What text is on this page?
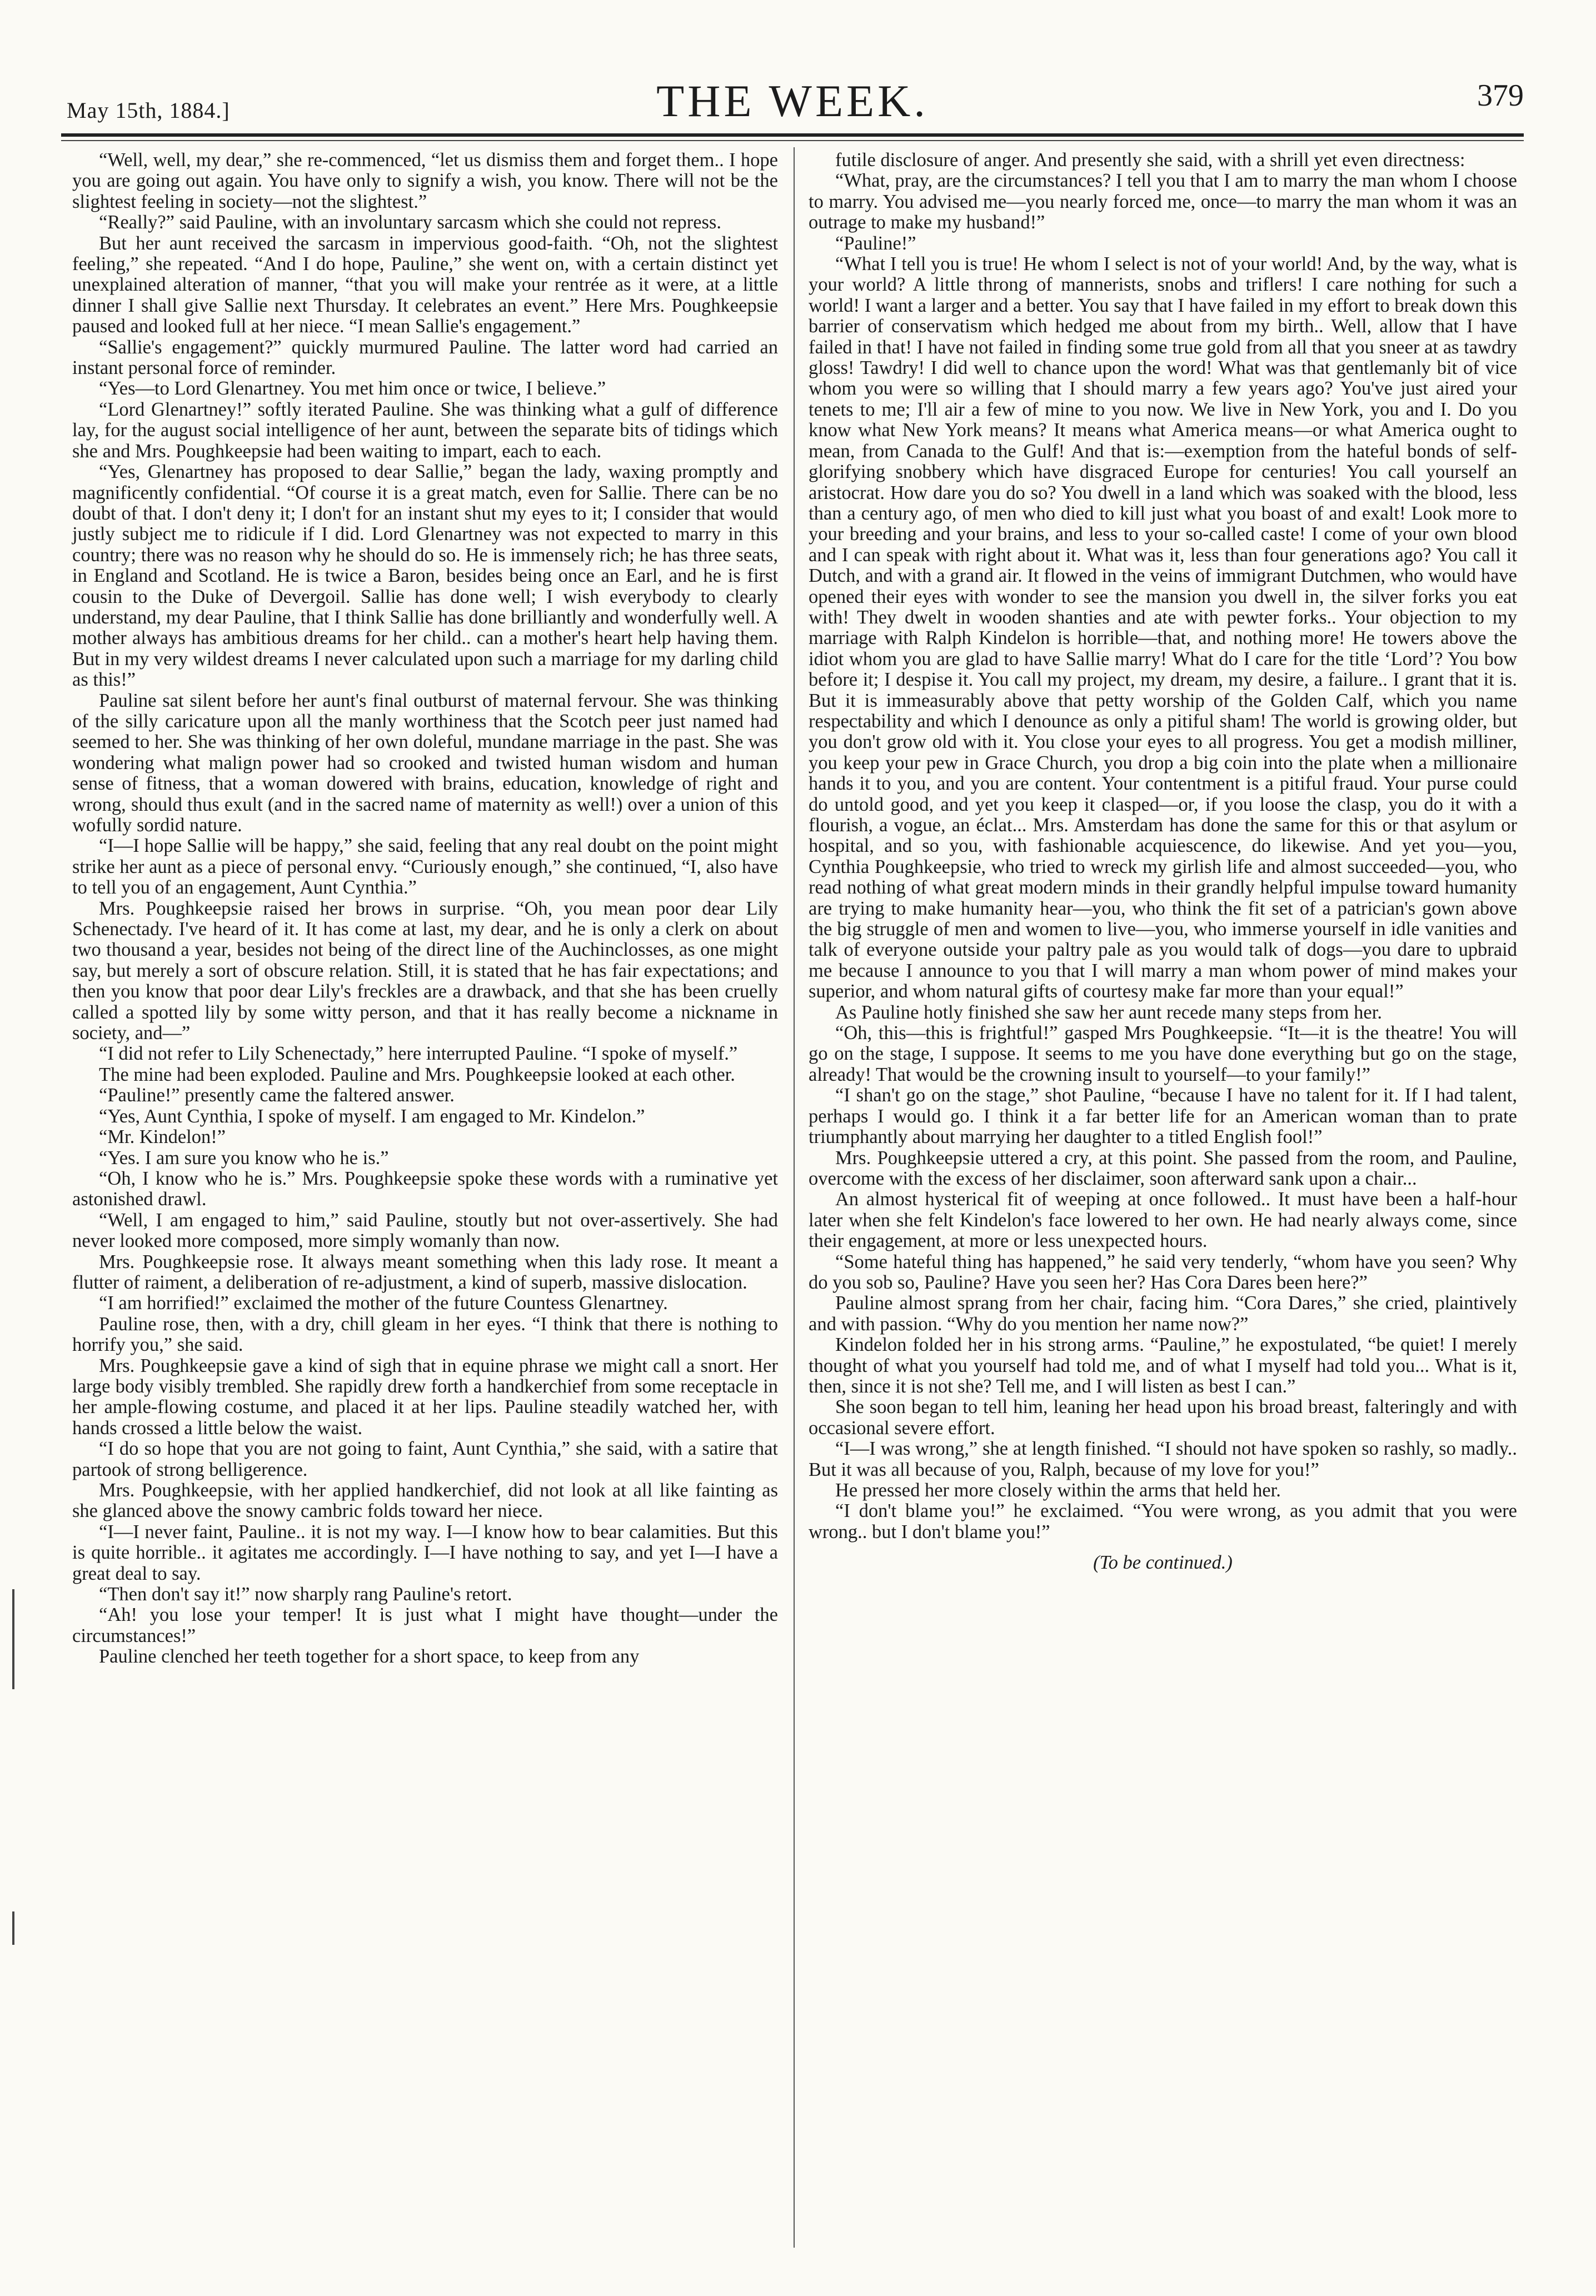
May 15th, 1884.]	THE WEEK.	379

“Well, well, my dear,” she re-commenced, “let us dismiss them and forget them.. I hope you are going out again. You have only to signify a wish, you know. There will not be the slightest feeling in society—not the slightest.”

“Really?” said Pauline, with an involuntary sarcasm which she could not repress.

But her aunt received the sarcasm in impervious good-faith. “Oh, not the slightest feeling,” she repeated. “And I do hope, Pauline,” she went on, with a certain distinct yet unexplained alteration of manner, “that you will make your rentrée as it were, at a little dinner I shall give Sallie next Thursday. It celebrates an event.” Here Mrs. Poughkeepsie paused and looked full at her niece. “I mean Sallie's engagement.”

“Sallie's engagement?” quickly murmured Pauline. The latter word had carried an instant personal force of reminder.

“Yes—to Lord Glenartney. You met him once or twice, I believe.”

“Lord Glenartney!” softly iterated Pauline. She was thinking what a gulf of difference lay, for the august social intelligence of her aunt, between the separate bits of tidings which she and Mrs. Poughkeepsie had been waiting to impart, each to each.

“Yes, Glenartney has proposed to dear Sallie,” began the lady, waxing promptly and magnificently confidential. “Of course it is a great match, even for Sallie. There can be no doubt of that. I don't deny it; I don't for an instant shut my eyes to it; I consider that would justly subject me to ridicule if I did. Lord Glenartney was not expected to marry in this country; there was no reason why he should do so. He is immensely rich; he has three seats, in England and Scotland. He is twice a Baron, besides being once an Earl, and he is first cousin to the Duke of Devergoil. Sallie has done well; I wish everybody to clearly understand, my dear Pauline, that I think Sallie has done brilliantly and wonderfully well. A mother always has ambitious dreams for her child.. can a mother's heart help having them. But in my very wildest dreams I never calculated upon such a marriage for my darling child as this!”

Pauline sat silent before her aunt's final outburst of maternal fervour. She was thinking of the silly caricature upon all the manly worthiness that the Scotch peer just named had seemed to her. She was thinking of her own doleful, mundane marriage in the past. She was wondering what malign power had so crooked and twisted human wisdom and human sense of fitness, that a woman dowered with brains, education, knowledge of right and wrong, should thus exult (and in the sacred name of maternity as well!) over a union of this wofully sordid nature.

“I—I hope Sallie will be happy,” she said, feeling that any real doubt on the point might strike her aunt as a piece of personal envy. “Curiously enough,” she continued, “I, also have to tell you of an engagement, Aunt Cynthia.”

Mrs. Poughkeepsie raised her brows in surprise. “Oh, you mean poor dear Lily Schenectady. I've heard of it. It has come at last, my dear, and he is only a clerk on about two thousand a year, besides not being of the direct line of the Auchinclosses, as one might say, but merely a sort of obscure relation. Still, it is stated that he has fair expectations; and then you know that poor dear Lily's freckles are a drawback, and that she has been cruelly called a spotted lily by some witty person, and that it has really become a nickname in society, and—”

“I did not refer to Lily Schenectady,” here interrupted Pauline. “I spoke of myself.”

The mine had been exploded. Pauline and Mrs. Poughkeepsie looked at each other.

“Pauline!” presently came the faltered answer.

“Yes, Aunt Cynthia, I spoke of myself. I am engaged to Mr. Kindelon.”

“Mr. Kindelon!”

“Yes. I am sure you know who he is.”

“Oh, I know who he is.” Mrs. Poughkeepsie spoke these words with a ruminative yet astonished drawl.

“Well, I am engaged to him,” said Pauline, stoutly but not over-assertively. She had never looked more composed, more simply womanly than now.

Mrs. Poughkeepsie rose. It always meant something when this lady rose. It meant a flutter of raiment, a deliberation of re-adjustment, a kind of superb, massive dislocation.

“I am horrified!” exclaimed the mother of the future Countess Glenartney.

Pauline rose, then, with a dry, chill gleam in her eyes. “I think that there is nothing to horrify you,” she said.

Mrs. Poughkeepsie gave a kind of sigh that in equine phrase we might call a snort. Her large body visibly trembled. She rapidly drew forth a handkerchief from some receptacle in her ample-flowing costume, and placed it at her lips. Pauline steadily watched her, with hands crossed a little below the waist.

“I do so hope that you are not going to faint, Aunt Cynthia,” she said, with a satire that partook of strong belligerence.

Mrs. Poughkeepsie, with her applied handkerchief, did not look at all like fainting as she glanced above the snowy cambric folds toward her niece.

“I—I never faint, Pauline.. it is not my way. I—I know how to bear calamities. But this is quite horrible.. it agitates me accordingly. I—I have nothing to say, and yet I—I have a great deal to say.

“Then don't say it!” now sharply rang Pauline's retort.

“Ah! you lose your temper! It is just what I might have thought—under the circumstances!”

Pauline clenched her teeth together for a short space, to keep from any

futile disclosure of anger. And presently she said, with a shrill yet even directness:

“What, pray, are the circumstances? I tell you that I am to marry the man whom I choose to marry. You advised me—you nearly forced me, once—to marry the man whom it was an outrage to make my husband!”

“Pauline!”

“What I tell you is true! He whom I select is not of your world! And, by the way, what is your world? A little throng of mannerists, snobs and triflers! I care nothing for such a world! I want a larger and a better. You say that I have failed in my effort to break down this barrier of conservatism which hedged me about from my birth.. Well, allow that I have failed in that! I have not failed in finding some true gold from all that you sneer at as tawdry gloss! Tawdry! I did well to chance upon the word! What was that gentlemanly bit of vice whom you were so willing that I should marry a few years ago? You've just aired your tenets to me; I'll air a few of mine to you now. We live in New York, you and I. Do you know what New York means? It means what America means—or what America ought to mean, from Canada to the Gulf! And that is:—exemption from the hateful bonds of self-glorifying snobbery which have disgraced Europe for centuries! You call yourself an aristocrat. How dare you do so? You dwell in a land which was soaked with the blood, less than a century ago, of men who died to kill just what you boast of and exalt! Look more to your breeding and your brains, and less to your so-called caste! I come of your own blood and I can speak with right about it. What was it, less than four generations ago? You call it Dutch, and with a grand air. It flowed in the veins of immigrant Dutchmen, who would have opened their eyes with wonder to see the mansion you dwell in, the silver forks you eat with! They dwelt in wooden shanties and ate with pewter forks.. Your objection to my marriage with Ralph Kindelon is horrible—that, and nothing more! He towers above the idiot whom you are glad to have Sallie marry! What do I care for the title ‘Lord’? You bow before it; I despise it. You call my project, my dream, my desire, a failure.. I grant that it is. But it is immeasurably above that petty worship of the Golden Calf, which you name respectability and which I denounce as only a pitiful sham! The world is growing older, but you don't grow old with it. You close your eyes to all progress. You get a modish milliner, you keep your pew in Grace Church, you drop a big coin into the plate when a millionaire hands it to you, and you are content. Your contentment is a pitiful fraud. Your purse could do untold good, and yet you keep it clasped—or, if you loose the clasp, you do it with a flourish, a vogue, an éclat... Mrs. Amsterdam has done the same for this or that asylum or hospital, and so you, with fashionable acquiescence, do likewise. And yet you—you, Cynthia Poughkeepsie, who tried to wreck my girlish life and almost succeeded—you, who read nothing of what great modern minds in their grandly helpful impulse toward humanity are trying to make humanity hear—you, who think the fit set of a patrician's gown above the big struggle of men and women to live—you, who immerse yourself in idle vanities and talk of everyone outside your paltry pale as you would talk of dogs—you dare to upbraid me because I announce to you that I will marry a man whom power of mind makes your superior, and whom natural gifts of courtesy make far more than your equal!”

As Pauline hotly finished she saw her aunt recede many steps from her.

“Oh, this—this is frightful!” gasped Mrs Poughkeepsie. “It—it is the theatre! You will go on the stage, I suppose. It seems to me you have done everything but go on the stage, already! That would be the crowning insult to yourself—to your family!”

“I shan't go on the stage,” shot Pauline, “because I have no talent for it. If I had talent, perhaps I would go. I think it a far better life for an American woman than to prate triumphantly about marrying her daughter to a titled English fool!”

Mrs. Poughkeepsie uttered a cry, at this point. She passed from the room, and Pauline, overcome with the excess of her disclaimer, soon afterward sank upon a chair...

An almost hysterical fit of weeping at once followed.. It must have been a half-hour later when she felt Kindelon's face lowered to her own. He had nearly always come, since their engagement, at more or less unexpected hours.

“Some hateful thing has happened,” he said very tenderly, “whom have you seen? Why do you sob so, Pauline? Have you seen her? Has Cora Dares been here?”

Pauline almost sprang from her chair, facing him. “Cora Dares,” she cried, plaintively and with passion. “Why do you mention her name now?”

Kindelon folded her in his strong arms. “Pauline,” he expostulated, “be quiet! I merely thought of what you yourself had told me, and of what I myself had told you... What is it, then, since it is not she? Tell me, and I will listen as best I can.”

She soon began to tell him, leaning her head upon his broad breast, falteringly and with occasional severe effort.

“I—I was wrong,” she at length finished. “I should not have spoken so rashly, so madly.. But it was all because of you, Ralph, because of my love for you!”

He pressed her more closely within the arms that held her.

“I don't blame you!” he exclaimed. “You were wrong, as you admit that you were wrong.. but I don't blame you!”

(To be continued.)
